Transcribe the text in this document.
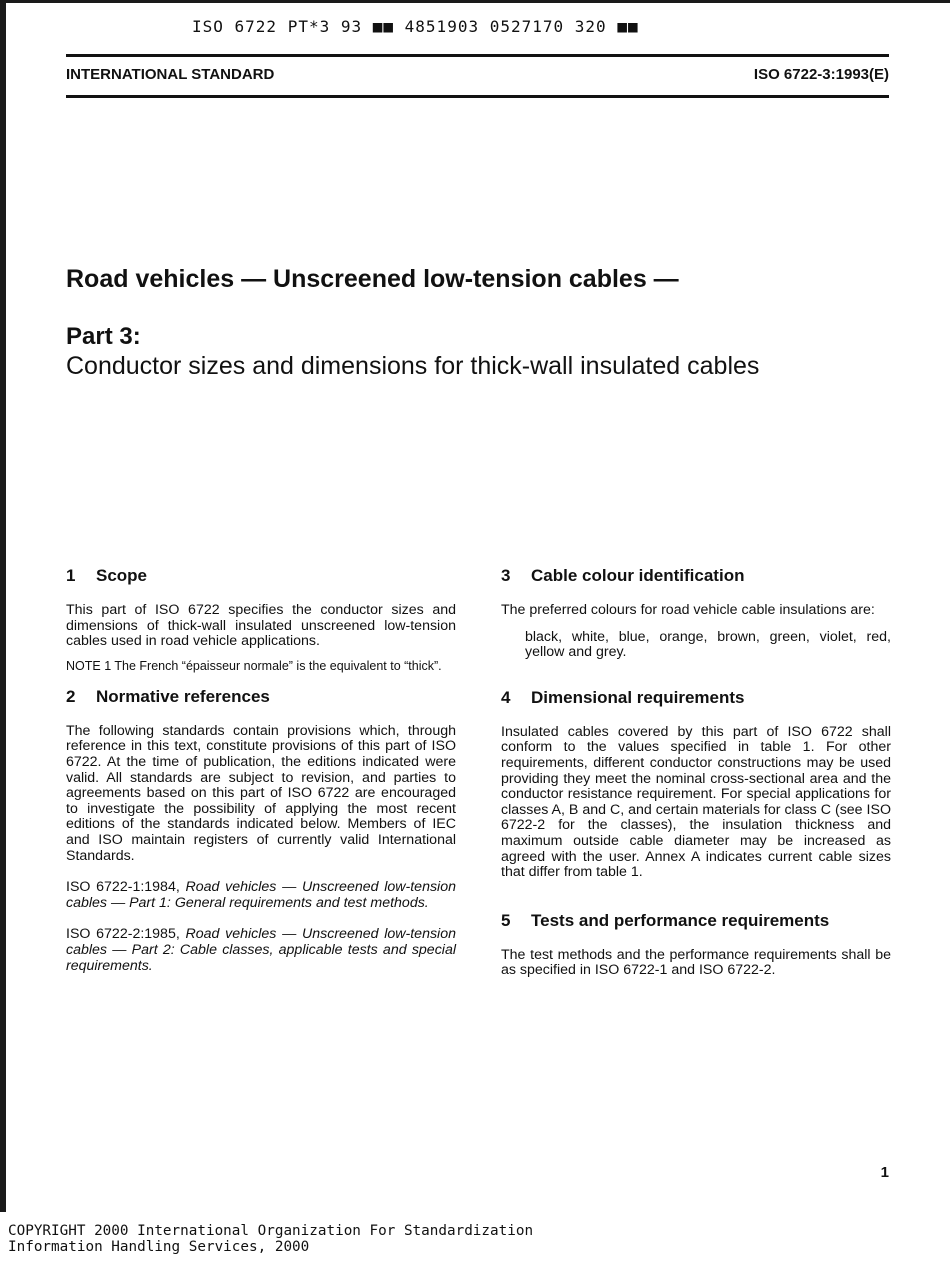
ISO 6722 PT*3 93 ■■ 4851903 0527170 320 ■■
INTERNATIONAL STANDARD	ISO 6722-3:1993(E)
Road vehicles — Unscreened low-tension cables —
Part 3:
Conductor sizes and dimensions for thick-wall insulated cables
1	Scope

This part of ISO 6722 specifies the conductor sizes and dimensions of thick-wall insulated unscreened low-tension cables used in road vehicle applications.

NOTE 1 The French “épaisseur normale” is the equivalent to “thick”.

2	Normative references

The following standards contain provisions which, through reference in this text, constitute provisions of this part of ISO 6722. At the time of publication, the editions indicated were valid. All standards are subject to revision, and parties to agreements based on this part of ISO 6722 are encouraged to investigate the possibility of applying the most recent editions of the standards indicated below. Members of IEC and ISO maintain registers of currently valid International Standards.

ISO 6722-1:1984, Road vehicles — Unscreened low-tension cables — Part 1: General requirements and test methods.

ISO 6722-2:1985, Road vehicles — Unscreened low-tension cables — Part 2: Cable classes, applicable tests and special requirements.

3	Cable colour identification

The preferred colours for road vehicle cable insulations are:

black, white, blue, orange, brown, green, violet, red, yellow and grey.

4	Dimensional requirements

Insulated cables covered by this part of ISO 6722 shall conform to the values specified in table 1. For other requirements, different conductor constructions may be used providing they meet the nominal cross-sectional area and the conductor resistance requirement. For special applications for classes A, B and C, and certain materials for class C (see ISO 6722-2 for the classes), the insulation thickness and maximum outside cable diameter may be increased as agreed with the user. Annex A indicates current cable sizes that differ from table 1.

5	Tests and performance requirements

The test methods and the performance requirements shall be as specified in ISO 6722-1 and ISO 6722-2.

1
COPYRIGHT 2000 International Organization For Standardization
Information Handling Services, 2000
